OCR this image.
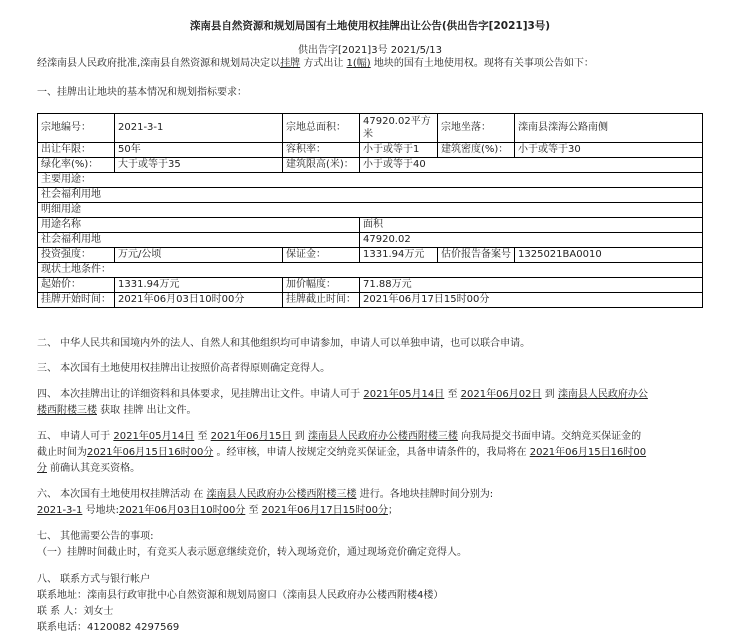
滦南县自然资源和规划局国有土地使用权挂牌出让公告(供出告字[2021]3号)
供出告字[2021]3号 2021/5/13
经滦南县人民政府批准,滦南县自然资源和规划局决定以挂牌 方式出让 1(幅) 地块的国有土地使用权。现将有关事项公告如下：
一、挂牌出让地块的基本情况和规划指标要求：
宗地编号：	2021-3-1	宗地总面积：	47920.02平方米	宗地坐落：	滦南县滦海公路南侧
出让年限：	50年	容积率：	小于或等于1	建筑密度(%)：	小于或等于30
绿化率(%)：	大于或等于35	建筑限高(米)：	小于或等于40		
主要用途：					
社会福利用地					
明细用途					
用途名称			面积		
社会福利用地			47920.02		
投资强度：	万元/公顷	保证金：	1331.94万元	估价报告备案号	1325021BA0010
现状土地条件：					
起始价：	1331.94万元	加价幅度：	71.88万元		
挂牌开始时间：	2021年06月03日10时00分	挂牌截止时间：	2021年06月17日15时00分		
二、 中华人民共和国境内外的法人、自然人和其他组织均可申请参加，申请人可以单独申请，也可以联合申请。
三、 本次国有土地使用权挂牌出让按照价高者得原则确定竞得人。
四、 本次挂牌出让的详细资料和具体要求，见挂牌出让文件。申请人可于 2021年05月14日 至 2021年06月02日 到 滦南县人民政府办公
楼西附楼三楼 获取 挂牌 出让文件。
五、 申请人可于 2021年05月14日 至 2021年06月15日 到 滦南县人民政府办公楼西附楼三楼 向我局提交书面申请。交纳竞买保证金的
截止时间为2021年06月15日16时00分 。经审核，申请人按规定交纳竞买保证金，具备申请条件的，我局将在 2021年06月15日16时00
分 前确认其竞买资格。
六、 本次国有土地使用权挂牌活动 在 滦南县人民政府办公楼西附楼三楼 进行。各地块挂牌时间分别为:
2021-3-1 号地块:2021年06月03日10时00分 至 2021年06月17日15时00分；
七、 其他需要公告的事项:
（一）挂牌时间截止时，有竞买人表示愿意继续竞价，转入现场竞价，通过现场竞价确定竞得人。
八、 联系方式与银行帐户
联系地址：滦南县行政审批中心自然资源和规划局窗口（滦南县人民政府办公楼西附楼4楼）
联 系 人：刘女士
联系电话：4120082 4297569
